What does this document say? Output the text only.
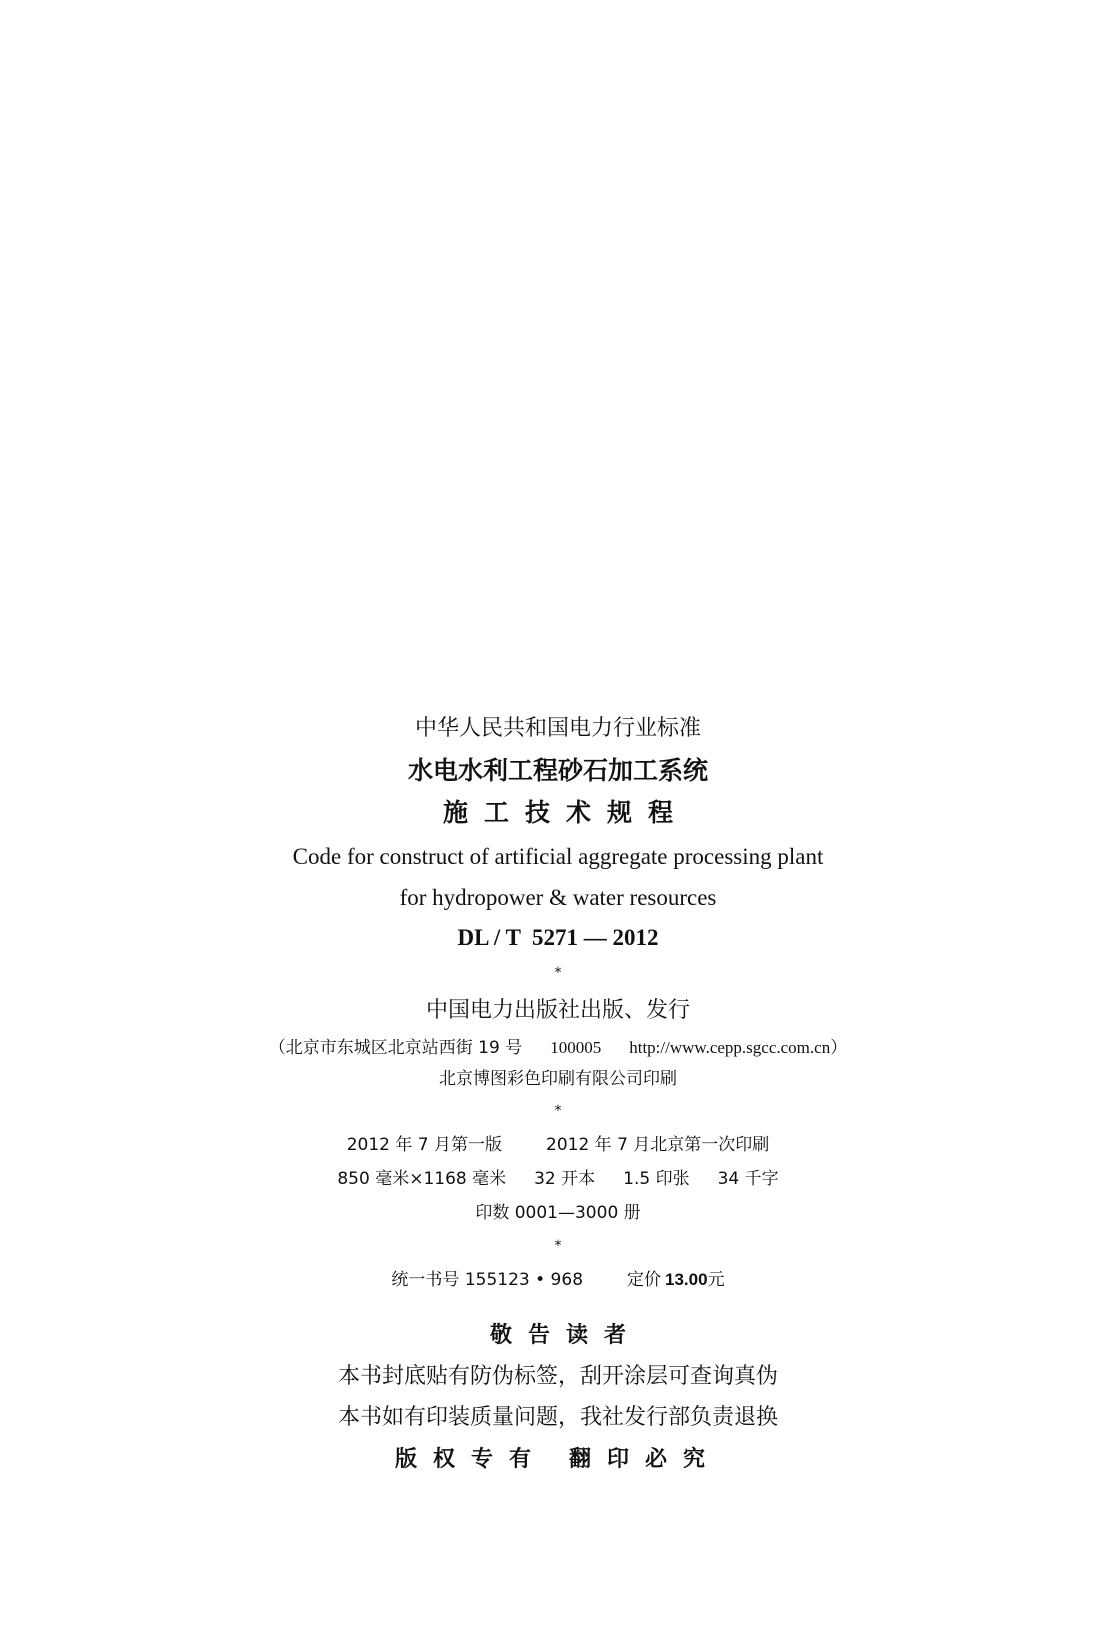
中华人民共和国电力行业标准
水电水利工程砂石加工系统
施工技术规程
Code for construct of artificial aggregate processing plant
for hydropower & water resources
DL / T  5271 — 2012
*
中国电力出版社出版、发行
（北京市东城区北京站西街 19 号 100005 http://www.cepp.sgcc.com.cn）
北京博图彩色印刷有限公司印刷
*
2012 年 7 月第一版	2012 年 7 月北京第一次印刷
850 毫米×1168 毫米 32 开本 1.5 印张 34 千字
印数 0001—3000 册
*
统一书号 155123 • 968	定价 13.00元
敬告读者
本书封底贴有防伪标签，刮开涂层可查询真伪
本书如有印装质量问题，我社发行部负责退换
版权专有 翻印必究
